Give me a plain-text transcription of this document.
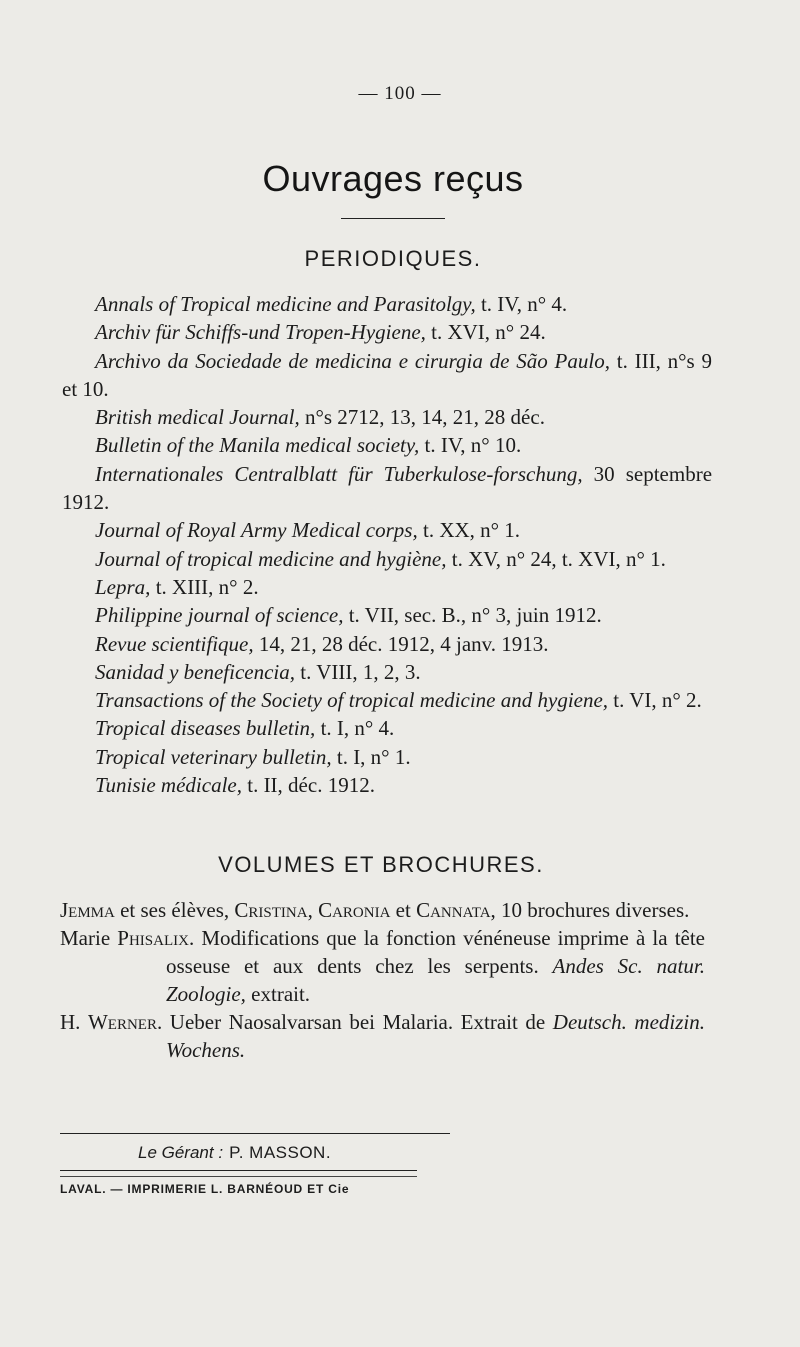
— 100 —
Ouvrages reçus
PERIODIQUES.

Annals of Tropical medicine and Parasitolgy, t. IV, n° 4.

Archiv für Schiffs-und Tropen-Hygiene, t. XVI, n° 24.

Archivo da Sociedade de medicina e cirurgia de São Paulo, t. III, n°s 9 et 10.

British medical Journal, n°s 2712, 13, 14, 21, 28 déc.

Bulletin of the Manila medical society, t. IV, n° 10.

Internationales Centralblatt für Tuberkulose-forschung, 30 septembre 1912.

Journal of Royal Army Medical corps, t. XX, n° 1.

Journal of tropical medicine and hygiène, t. XV, n° 24, t. XVI, n° 1.

Lepra, t. XIII, n° 2.

Philippine journal of science, t. VII, sec. B., n° 3, juin 1912.

Revue scientifique, 14, 21, 28 déc. 1912, 4 janv. 1913.

Sanidad y beneficencia, t. VIII, 1, 2, 3.

Transactions of the Society of tropical medicine and hygiene, t. VI, n° 2.

Tropical diseases bulletin, t. I, n° 4.

Tropical veterinary bulletin, t. I, n° 1.

Tunisie médicale, t. II, déc. 1912.

VOLUMES ET BROCHURES.

Jemma et ses élèves, Cristina, Caronia et Cannata, 10 brochures diverses.

Marie Phisalix. Modifications que la fonction vénéneuse imprime à la tête osseuse et aux dents chez les serpents. Andes Sc. natur. Zoologie, extrait.

H. Werner. Ueber Naosalvarsan bei Malaria. Extrait de Deutsch. medizin. Wochens.

Le Gérant : P. MASSON.
LAVAL. — IMPRIMERIE L. BARNÉOUD ET Cie
